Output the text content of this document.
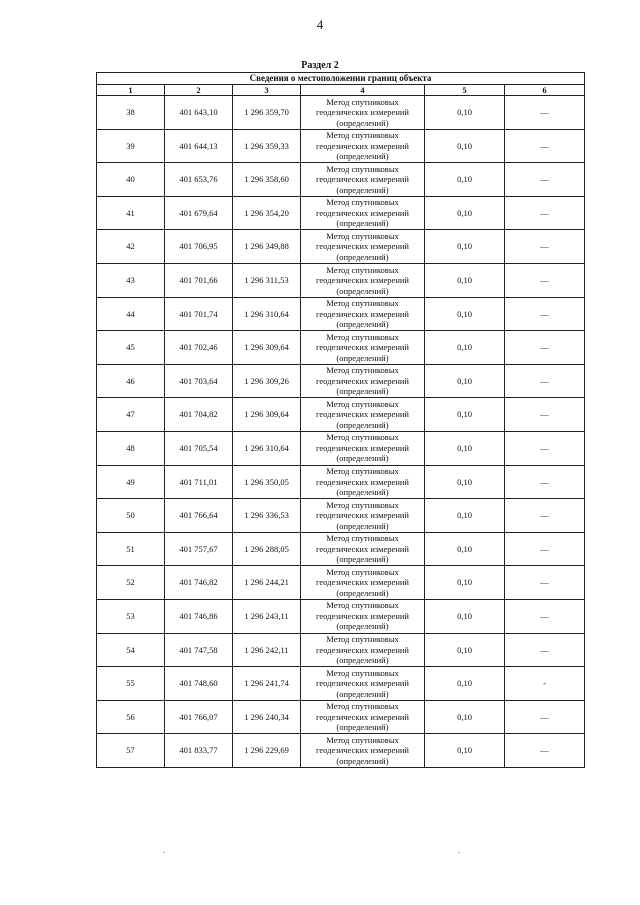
4
Раздел 2
Сведения о местоположении границ объекта					
1	2	3	4	5	6
38	401 643,10	1 296 359,70	Метод спутниковых геодезических измерений (определений)	0,10	—
39	401 644,13	1 296 359,33	Метод спутниковых геодезических измерений (определений)	0,10	—
40	401 653,76	1 296 358,60	Метод спутниковых геодезических измерений (определений)	0,10	—
41	401 679,64	1 296 354,20	Метод спутниковых геодезических измерений (определений)	0,10	—
42	401 706,95	1 296 349,88	Метод спутниковых геодезических измерений (определений)	0,10	—
43	401 701,66	1 296 311,53	Метод спутниковых геодезических измерений (определений)	0,10	—
44	401 701,74	1 296 310,64	Метод спутниковых геодезических измерений (определений)	0,10	—
45	401 702,46	1 296 309,64	Метод спутниковых геодезических измерений (определений)	0,10	—
46	401 703,64	1 296 309,26	Метод спутниковых геодезических измерений (определений)	0,10	—
47	401 704,82	1 296 309,64	Метод спутниковых геодезических измерений (определений)	0,10	—
48	401 705,54	1 296 310,64	Метод спутниковых геодезических измерений (определений)	0,10	—
49	401 711,01	1 296 350,05	Метод спутниковых геодезических измерений (определений)	0,10	—
50	401 766,64	1 296 336,53	Метод спутниковых геодезических измерений (определений)	0,10	—
51	401 757,67	1 296 288,05	Метод спутниковых геодезических измерений (определений)	0,10	—
52	401 746,82	1 296 244,21	Метод спутниковых геодезических измерений (определений)	0,10	—
53	401 746,86	1 296 243,11	Метод спутниковых геодезических измерений (определений)	0,10	—
54	401 747,58	1 296 242,11	Метод спутниковых геодезических измерений (определений)	0,10	—
55	401 748,60	1 296 241,74	Метод спутниковых геодезических измерений (определений)	0,10	-
56	401 766,07	1 296 240,34	Метод спутниковых геодезических измерений (определений)	0,10	—
57	401 833,77	1 296 229,69	Метод спутниковых геодезических измерений (определений)	0,10	—
.	.
